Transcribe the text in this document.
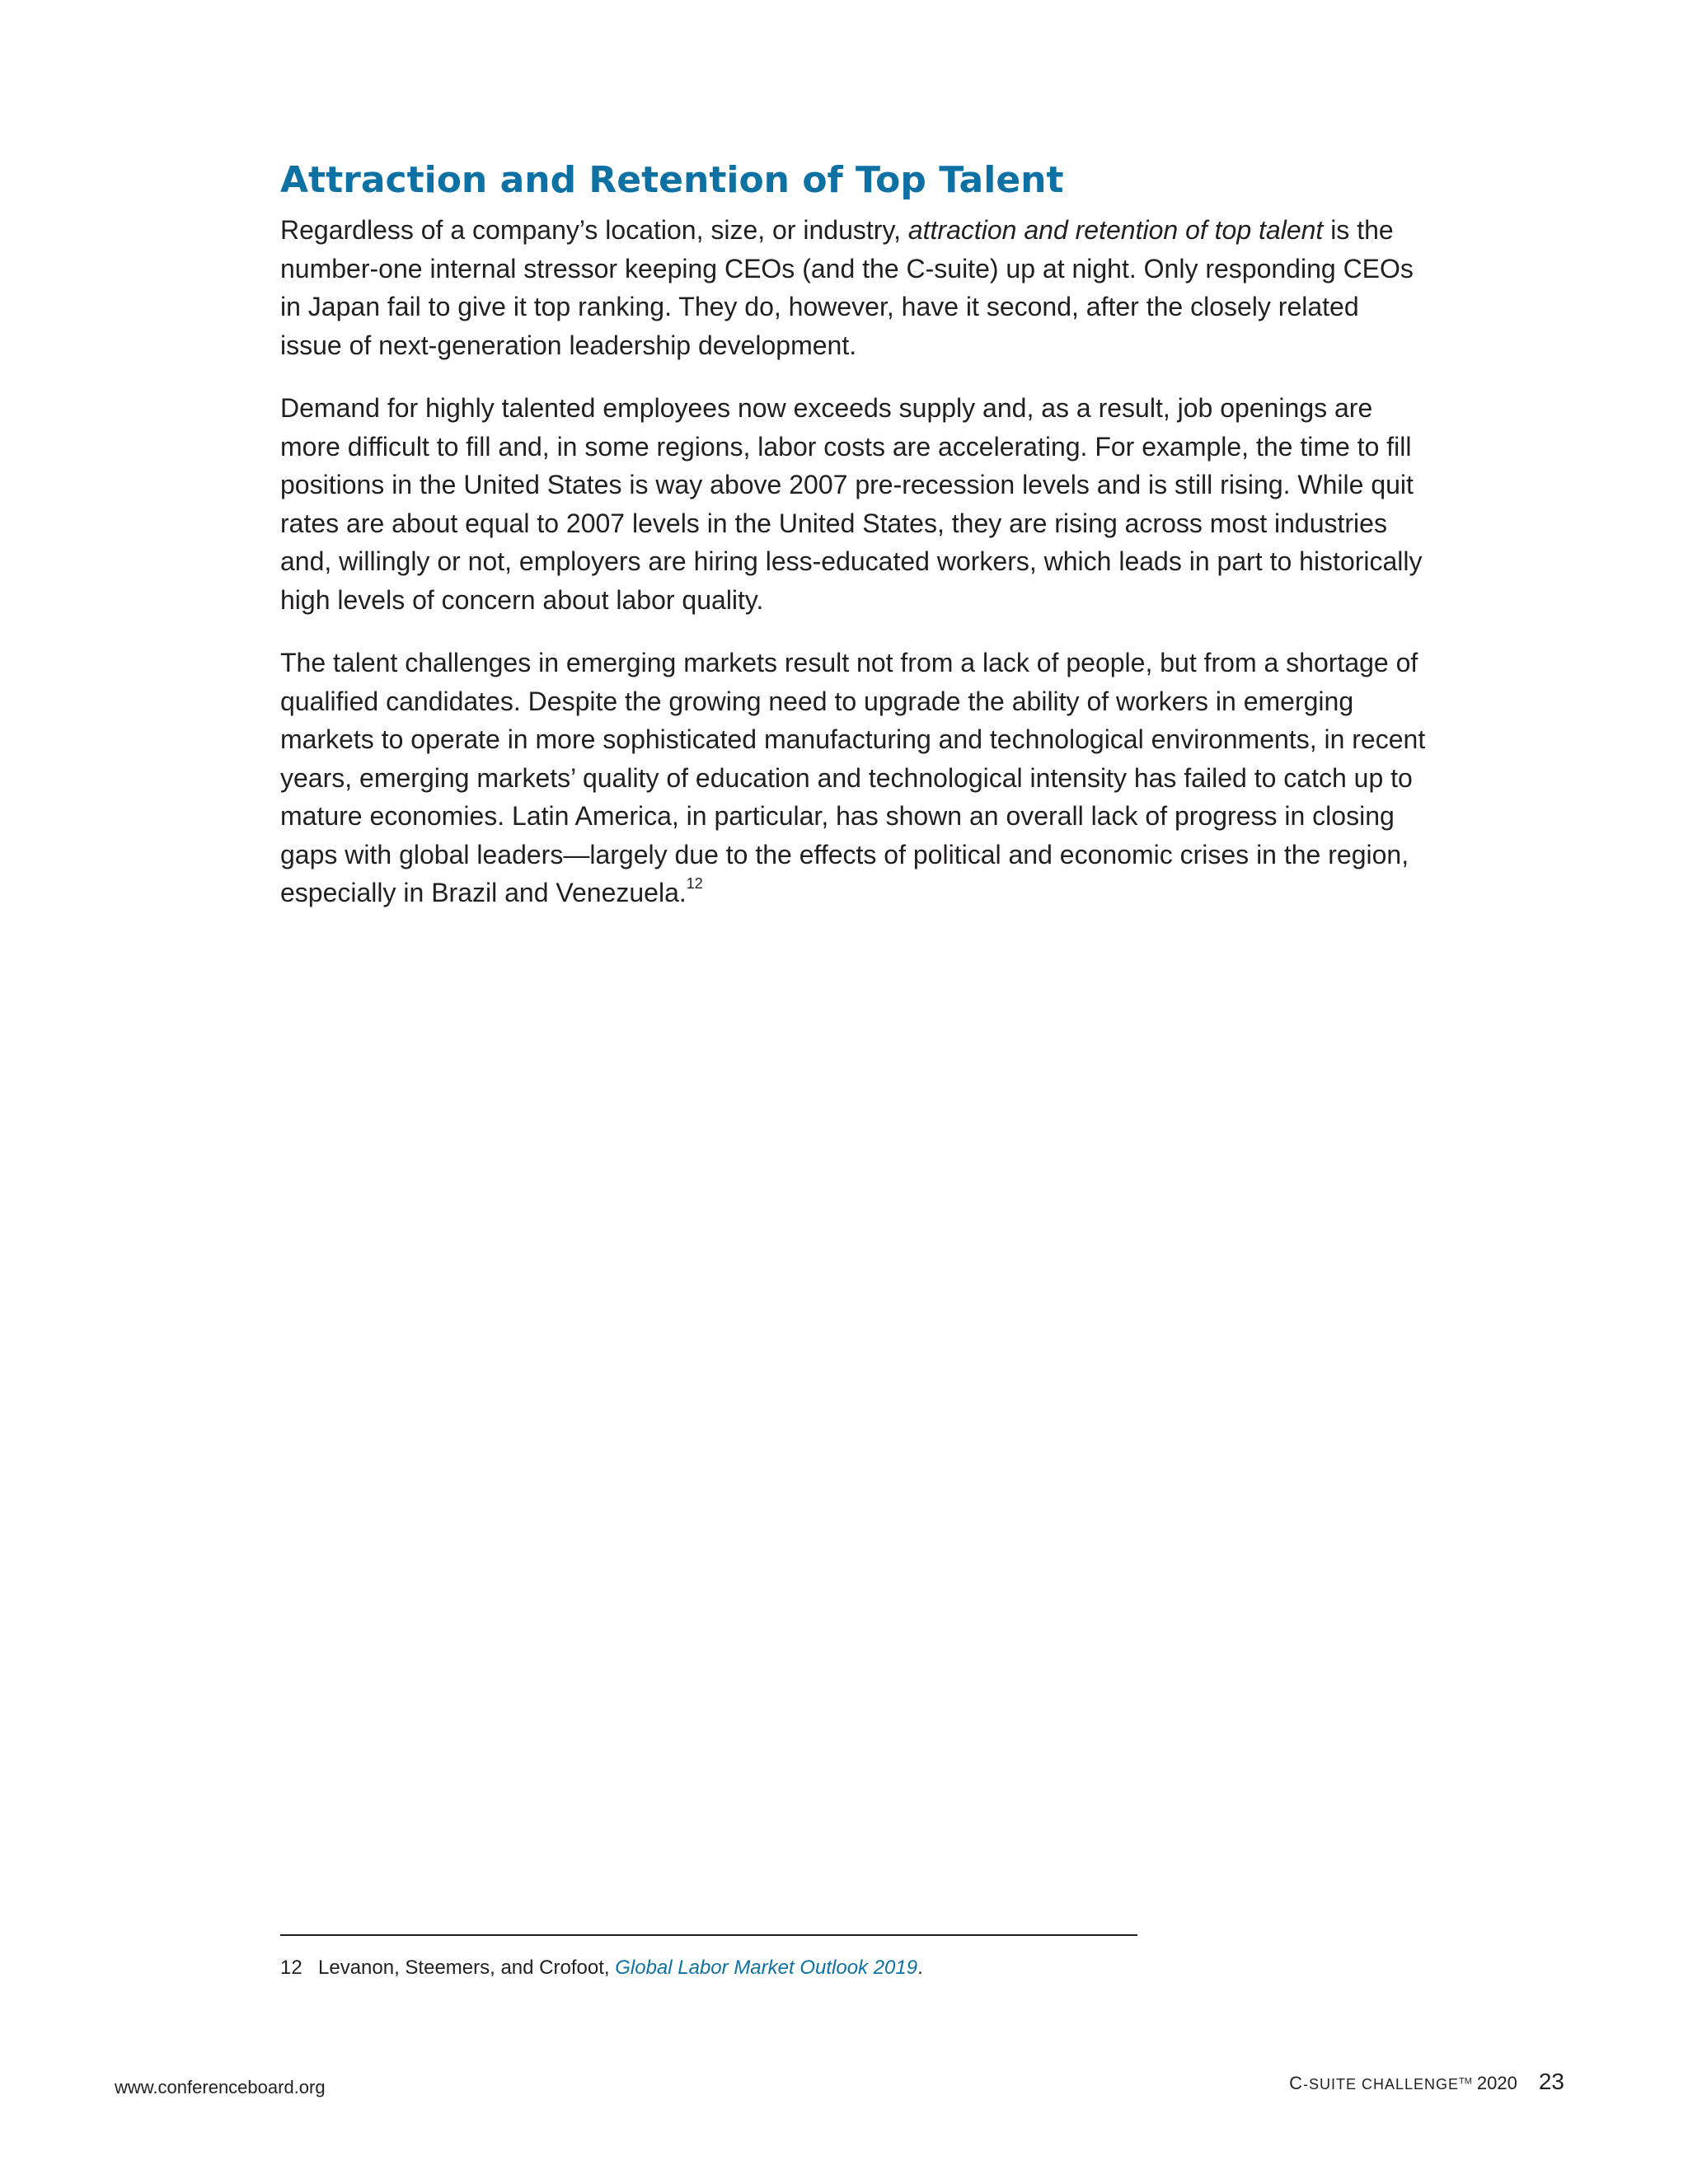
Attraction and Retention of Top Talent

Regardless of a company’s location, size, or industry, attraction and retention of top talent is the number-one internal stressor keeping CEOs (and the C-suite) up at night. Only responding CEOs in Japan fail to give it top ranking. They do, however, have it second, after the closely related issue of next-generation leadership development.

Demand for highly talented employees now exceeds supply and, as a result, job openings are more difficult to fill and, in some regions, labor costs are accelerating. For example, the time to fill positions in the United States is way above 2007 pre-recession levels and is still rising. While quit rates are about equal to 2007 levels in the United States, they are rising across most industries and, willingly or not, employers are hiring less-educated workers, which leads in part to historically high levels of concern about labor quality.

The talent challenges in emerging markets result not from a lack of people, but from a shortage of qualified candidates. Despite the growing need to upgrade the ability of workers in emerging markets to operate in more sophisticated manufacturing and technological environments, in recent years, emerging markets’ quality of education and technological intensity has failed to catch up to mature economies. Latin America, in particular, has shown an overall lack of progress in closing gaps with global leaders—largely due to the effects of political and economic crises in the region, especially in Brazil and Venezuela.$^{12}$

12 Levanon, Steemers, and Crofoot, Global Labor Market Outlook 2019.
www.conferenceboard.org	C-SUITE CHALLENGE™ 2020 23
